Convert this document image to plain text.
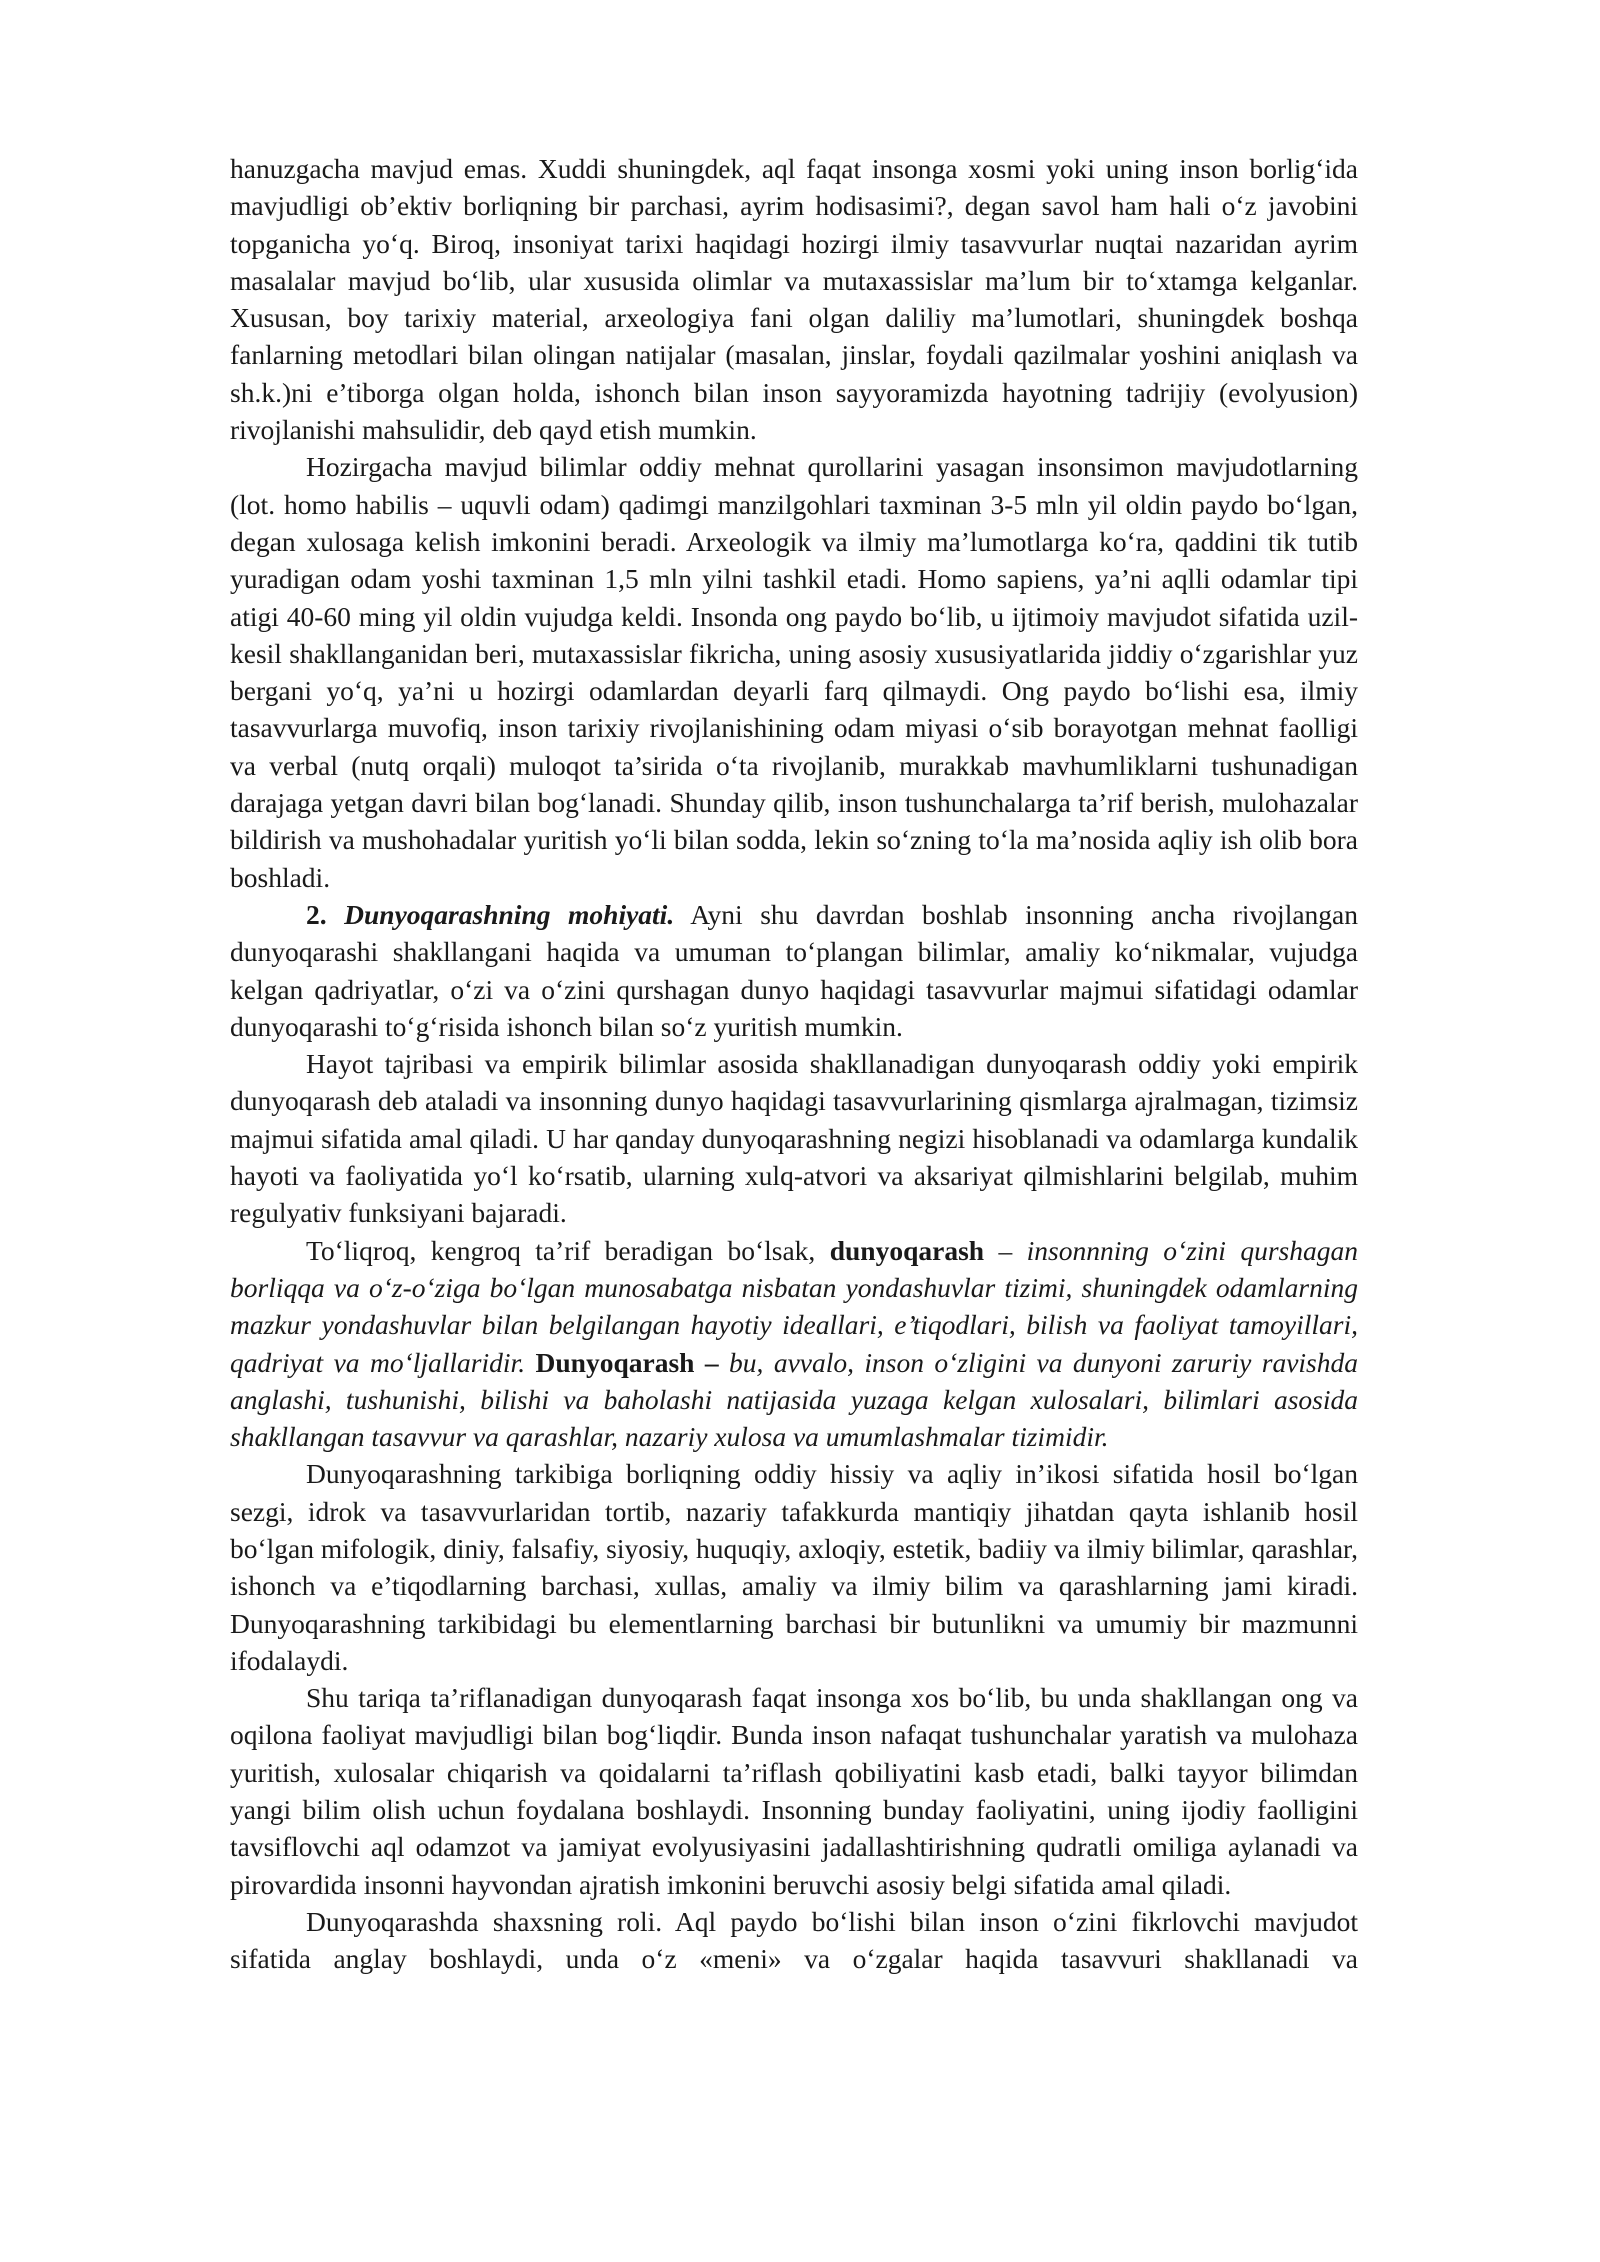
hanuzgacha mavjud emas. Xuddi shuningdek, aql faqat insonga xosmi yoki uning inson borlig‘ida mavjudligi ob’ektiv borliqning bir parchasi, ayrim hodisasimi?, degan savol ham hali o‘z javobini topganicha yo‘q. Biroq, insoniyat tarixi haqidagi hozirgi ilmiy tasavvurlar nuqtai nazaridan ayrim masalalar mavjud bo‘lib, ular xususida olimlar va mutaxassislar ma’lum bir to‘xtamga kelganlar. Xususan, boy tarixiy material, arxeologiya fani olgan daliliy ma’lumotlari, shuningdek boshqa fanlarning metodlari bilan olingan natijalar (masalan, jinslar, foydali qazilmalar yoshini aniqlash va sh.k.)ni e’tiborga olgan holda, ishonch bilan inson sayyoramizda hayotning tadrijiy (evolyusion) rivojlanishi mahsulidir, deb qayd etish mumkin.

Hozirgacha mavjud bilimlar oddiy mehnat qurollarini yasagan insonsimon mavjudotlarning (lot. homo habilis – uquvli odam) qadimgi manzilgohlari taxminan 3-5 mln yil oldin paydo bo‘lgan, degan xulosaga kelish imkonini beradi. Arxeologik va ilmiy ma’lumotlarga ko‘ra, qaddini tik tutib yuradigan odam yoshi taxminan 1,5 mln yilni tashkil etadi. Homo sapiens, ya’ni aqlli odamlar tipi atigi 40-60 ming yil oldin vujudga keldi. Insonda ong paydo bo‘lib, u ijtimoiy mavjudot sifatida uzil-kesil shakllanganidan beri, mutaxassislar fikricha, uning asosiy xususiyatlarida jiddiy o‘zgarishlar yuz bergani yo‘q, ya’ni u hozirgi odamlardan deyarli farq qilmaydi. Ong paydo bo‘lishi esa, ilmiy tasavvurlarga muvofiq, inson tarixiy rivojlanishining odam miyasi o‘sib borayotgan mehnat faolligi va verbal (nutq orqali) muloqot ta’sirida o‘ta rivojlanib, murakkab mavhumliklarni tushunadigan darajaga yetgan davri bilan bog‘lanadi. Shunday qilib, inson tushunchalarga ta’rif berish, mulohazalar bildirish va mushohadalar yuritish yo‘li bilan sodda, lekin so‘zning to‘la ma’nosida aqliy ish olib bora boshladi.

2. Dunyoqarashning mohiyati. Ayni shu davrdan boshlab insonning ancha rivojlangan dunyoqarashi shakllangani haqida va umuman to‘plangan bilimlar, amaliy ko‘nikmalar, vujudga kelgan qadriyatlar, o‘zi va o‘zini qurshagan dunyo haqidagi tasavvurlar majmui sifatidagi odamlar dunyoqarashi to‘g‘risida ishonch bilan so‘z yuritish mumkin.

Hayot tajribasi va empirik bilimlar asosida shakllanadigan dunyoqarash oddiy yoki empirik dunyoqarash deb ataladi va insonning dunyo haqidagi tasavvurlarining qismlarga ajralmagan, tizimsiz majmui sifatida amal qiladi. U har qanday dunyoqarashning negizi hisoblanadi va odamlarga kundalik hayoti va faoliyatida yo‘l ko‘rsatib, ularning xulq-atvori va aksariyat qilmishlarini belgilab, muhim regulyativ funksiyani bajaradi.

To‘liqroq, kengroq ta’rif beradigan bo‘lsak, dunyoqarash – insonnning o‘zini qurshagan borliqqa va o‘z-o‘ziga bo‘lgan munosabatga nisbatan yondashuvlar tizimi, shuningdek odamlarning mazkur yondashuvlar bilan belgilangan hayotiy ideallari, e’tiqodlari, bilish va faoliyat tamoyillari, qadriyat va mo‘ljallaridir. Dunyoqarash – bu, avvalo, inson o‘zligini va dunyoni zaruriy ravishda anglashi, tushunishi, bilishi va baholashi natijasida yuzaga kelgan xulosalari, bilimlari asosida shakllangan tasavvur va qarashlar, nazariy xulosa va umumlashmalar tizimidir.

Dunyoqarashning tarkibiga borliqning oddiy hissiy va aqliy in’ikosi sifatida hosil bo‘lgan sezgi, idrok va tasavvurlaridan tortib, nazariy tafakkurda mantiqiy jihatdan qayta ishlanib hosil bo‘lgan mifologik, diniy, falsafiy, siyosiy, huquqiy, axloqiy, estetik, badiiy va ilmiy bilimlar, qarashlar, ishonch va e’tiqodlarning barchasi, xullas, amaliy va ilmiy bilim va qarashlarning jami kiradi. Dunyoqarashning tarkibidagi bu elementlarning barchasi bir butunlikni va umumiy bir mazmunni ifodalaydi.

Shu tariqa ta’riflanadigan dunyoqarash faqat insonga xos bo‘lib, bu unda shakllangan ong va oqilona faoliyat mavjudligi bilan bog‘liqdir. Bunda inson nafaqat tushunchalar yaratish va mulohaza yuritish, xulosalar chiqarish va qoidalarni ta’riflash qobiliyatini kasb etadi, balki tayyor bilimdan yangi bilim olish uchun foydalana boshlaydi. Insonning bunday faoliyatini, uning ijodiy faolligini tavsiflovchi aql odamzot va jamiyat evolyusiyasini jadallashtirishning qudratli omiliga aylanadi va pirovardida insonni hayvondan ajratish imkonini beruvchi asosiy belgi sifatida amal qiladi.

Dunyoqarashda shaxsning roli. Aql paydo bo‘lishi bilan inson o‘zini fikrlovchi mavjudot sifatida anglay boshlaydi, unda o‘z «meni» va o‘zgalar haqida tasavvuri shakllanadi va
